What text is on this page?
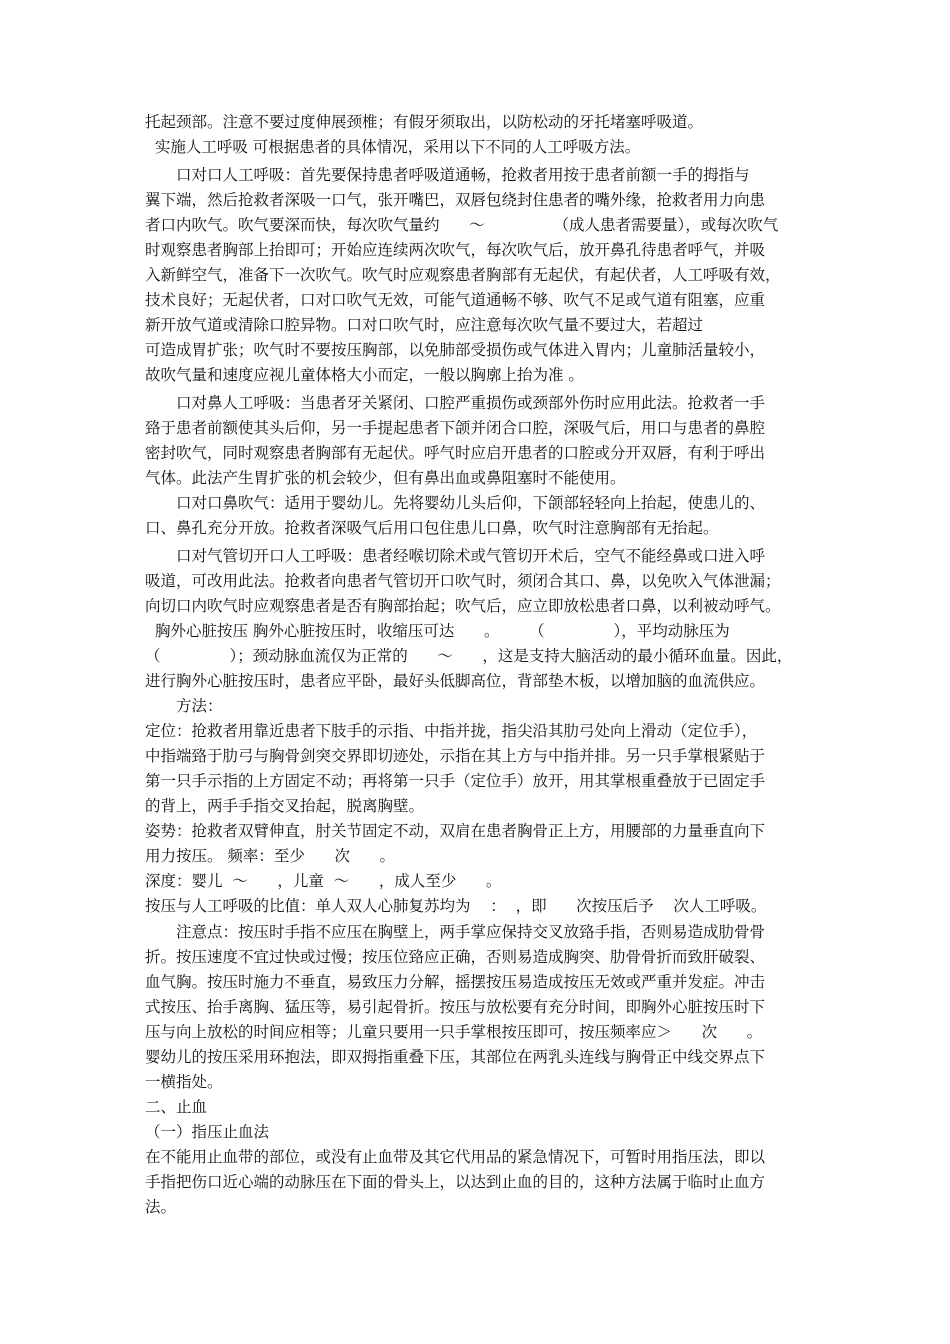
托起颈部。注意不要过度伸展颈椎；有假牙须取出，以防松动的牙托堵塞呼吸道。
实施人工呼吸 可根据患者的具体情况，采用以下不同的人工呼吸方法。
口对口人工呼吸：首先要保持患者呼吸道通畅，抢救者用按于患者前额一手的拇指与
翼下端，然后抢救者深吸一口气，张开嘴巴，双唇包绕封住患者的嘴外缘，抢救者用力向患
者口内吹气。吹气要深而快，每次吹气量约      ～              （成人患者需要量），或每次吹气
时观察患者胸部上抬即可；开始应连续两次吹气，每次吹气后，放开鼻孔待患者呼气，并吸
入新鲜空气，准备下一次吹气。吹气时应观察患者胸部有无起伏，有起伏者，人工呼吸有效，
技术良好；无起伏者，口对口吹气无效，可能气道通畅不够、吹气不足或气道有阻塞，应重
新开放气道或清除口腔异物。口对口吹气时，应注意每次吹气量不要过大，若超过
可造成胃扩张；吹气时不要按压胸部，以免肺部受损伤或气体进入胃内；儿童肺活量较小，
故吹气量和速度应视儿童体格大小而定，一般以胸廓上抬为准 。
口对鼻人工呼吸：当患者牙关紧闭、口腔严重损伤或颈部外伤时应用此法。抢救者一手
臵于患者前额使其头后仰，另一手提起患者下颌并闭合口腔，深吸气后，用口与患者的鼻腔
密封吹气，同时观察患者胸部有无起伏。呼气时应启开患者的口腔或分开双唇，有利于呼出
气体。此法产生胃扩张的机会较少，但有鼻出血或鼻阻塞时不能使用。
口对口鼻吹气：适用于婴幼儿。先将婴幼儿头后仰，下颌部轻轻向上抬起，使患儿的、
口、鼻孔充分开放。抢救者深吸气后用口包住患儿口鼻，吹气时注意胸部有无抬起。
口对气管切开口人工呼吸：患者经喉切除术或气管切开术后，空气不能经鼻或口进入呼
吸道，可改用此法。抢救者向患者气管切开口吹气时，须闭合其口、鼻，以免吹入气体泄漏；
向切口内吹气时应观察患者是否有胸部抬起；吹气后，应立即放松患者口鼻，以利被动呼气。
胸外心脏按压 胸外心脏按压时，收缩压可达      。      （              ），平均动脉压为
（              ）；颈动脉血流仅为正常的      ～      ，这是支持大脑活动的最小循环血量。因此，
进行胸外心脏按压时，患者应平卧，最好头低脚高位，背部垫木板，以增加脑的血流供应。
方法：
定位：抢救者用靠近患者下肢手的示指、中指并拢，指尖沿其肋弓处向上滑动（定位手），
中指端臵于肋弓与胸骨剑突交界即切迹处，示指在其上方与中指并排。另一只手掌根紧贴于
第一只手示指的上方固定不动；再将第一只手（定位手）放开，用其掌根重叠放于已固定手
的背上，两手手指交叉抬起，脱离胸壁。
姿势：抢救者双臂伸直，肘关节固定不动，双肩在患者胸骨正上方，用腰部的力量垂直向下
用力按压。 频率：至少      次      。
深度：婴儿  ～      ，儿童  ～      ，成人至少      。
按压与人工呼吸的比值：单人双人心肺复苏均为    ：  ，即      次按压后予    次人工呼吸。
注意点：按压时手指不应压在胸壁上，两手掌应保持交叉放臵手指，否则易造成肋骨骨
折。按压速度不宜过快或过慢；按压位臵应正确，否则易造成胸突、肋骨骨折而致肝破裂、
血气胸。按压时施力不垂直，易致压力分解，摇摆按压易造成按压无效或严重并发症。冲击
式按压、抬手离胸、猛压等，易引起骨折。按压与放松要有充分时间，即胸外心脏按压时下
压与向上放松的时间应相等；儿童只要用一只手掌根按压即可，按压频率应＞      次      。
婴幼儿的按压采用环抱法，即双拇指重叠下压，其部位在两乳头连线与胸骨正中线交界点下
一横指处。
二、止血
（一）指压止血法
在不能用止血带的部位，或没有止血带及其它代用品的紧急情况下，可暂时用指压法，即以
手指把伤口近心端的动脉压在下面的骨头上，以达到止血的目的，这种方法属于临时止血方
法。
